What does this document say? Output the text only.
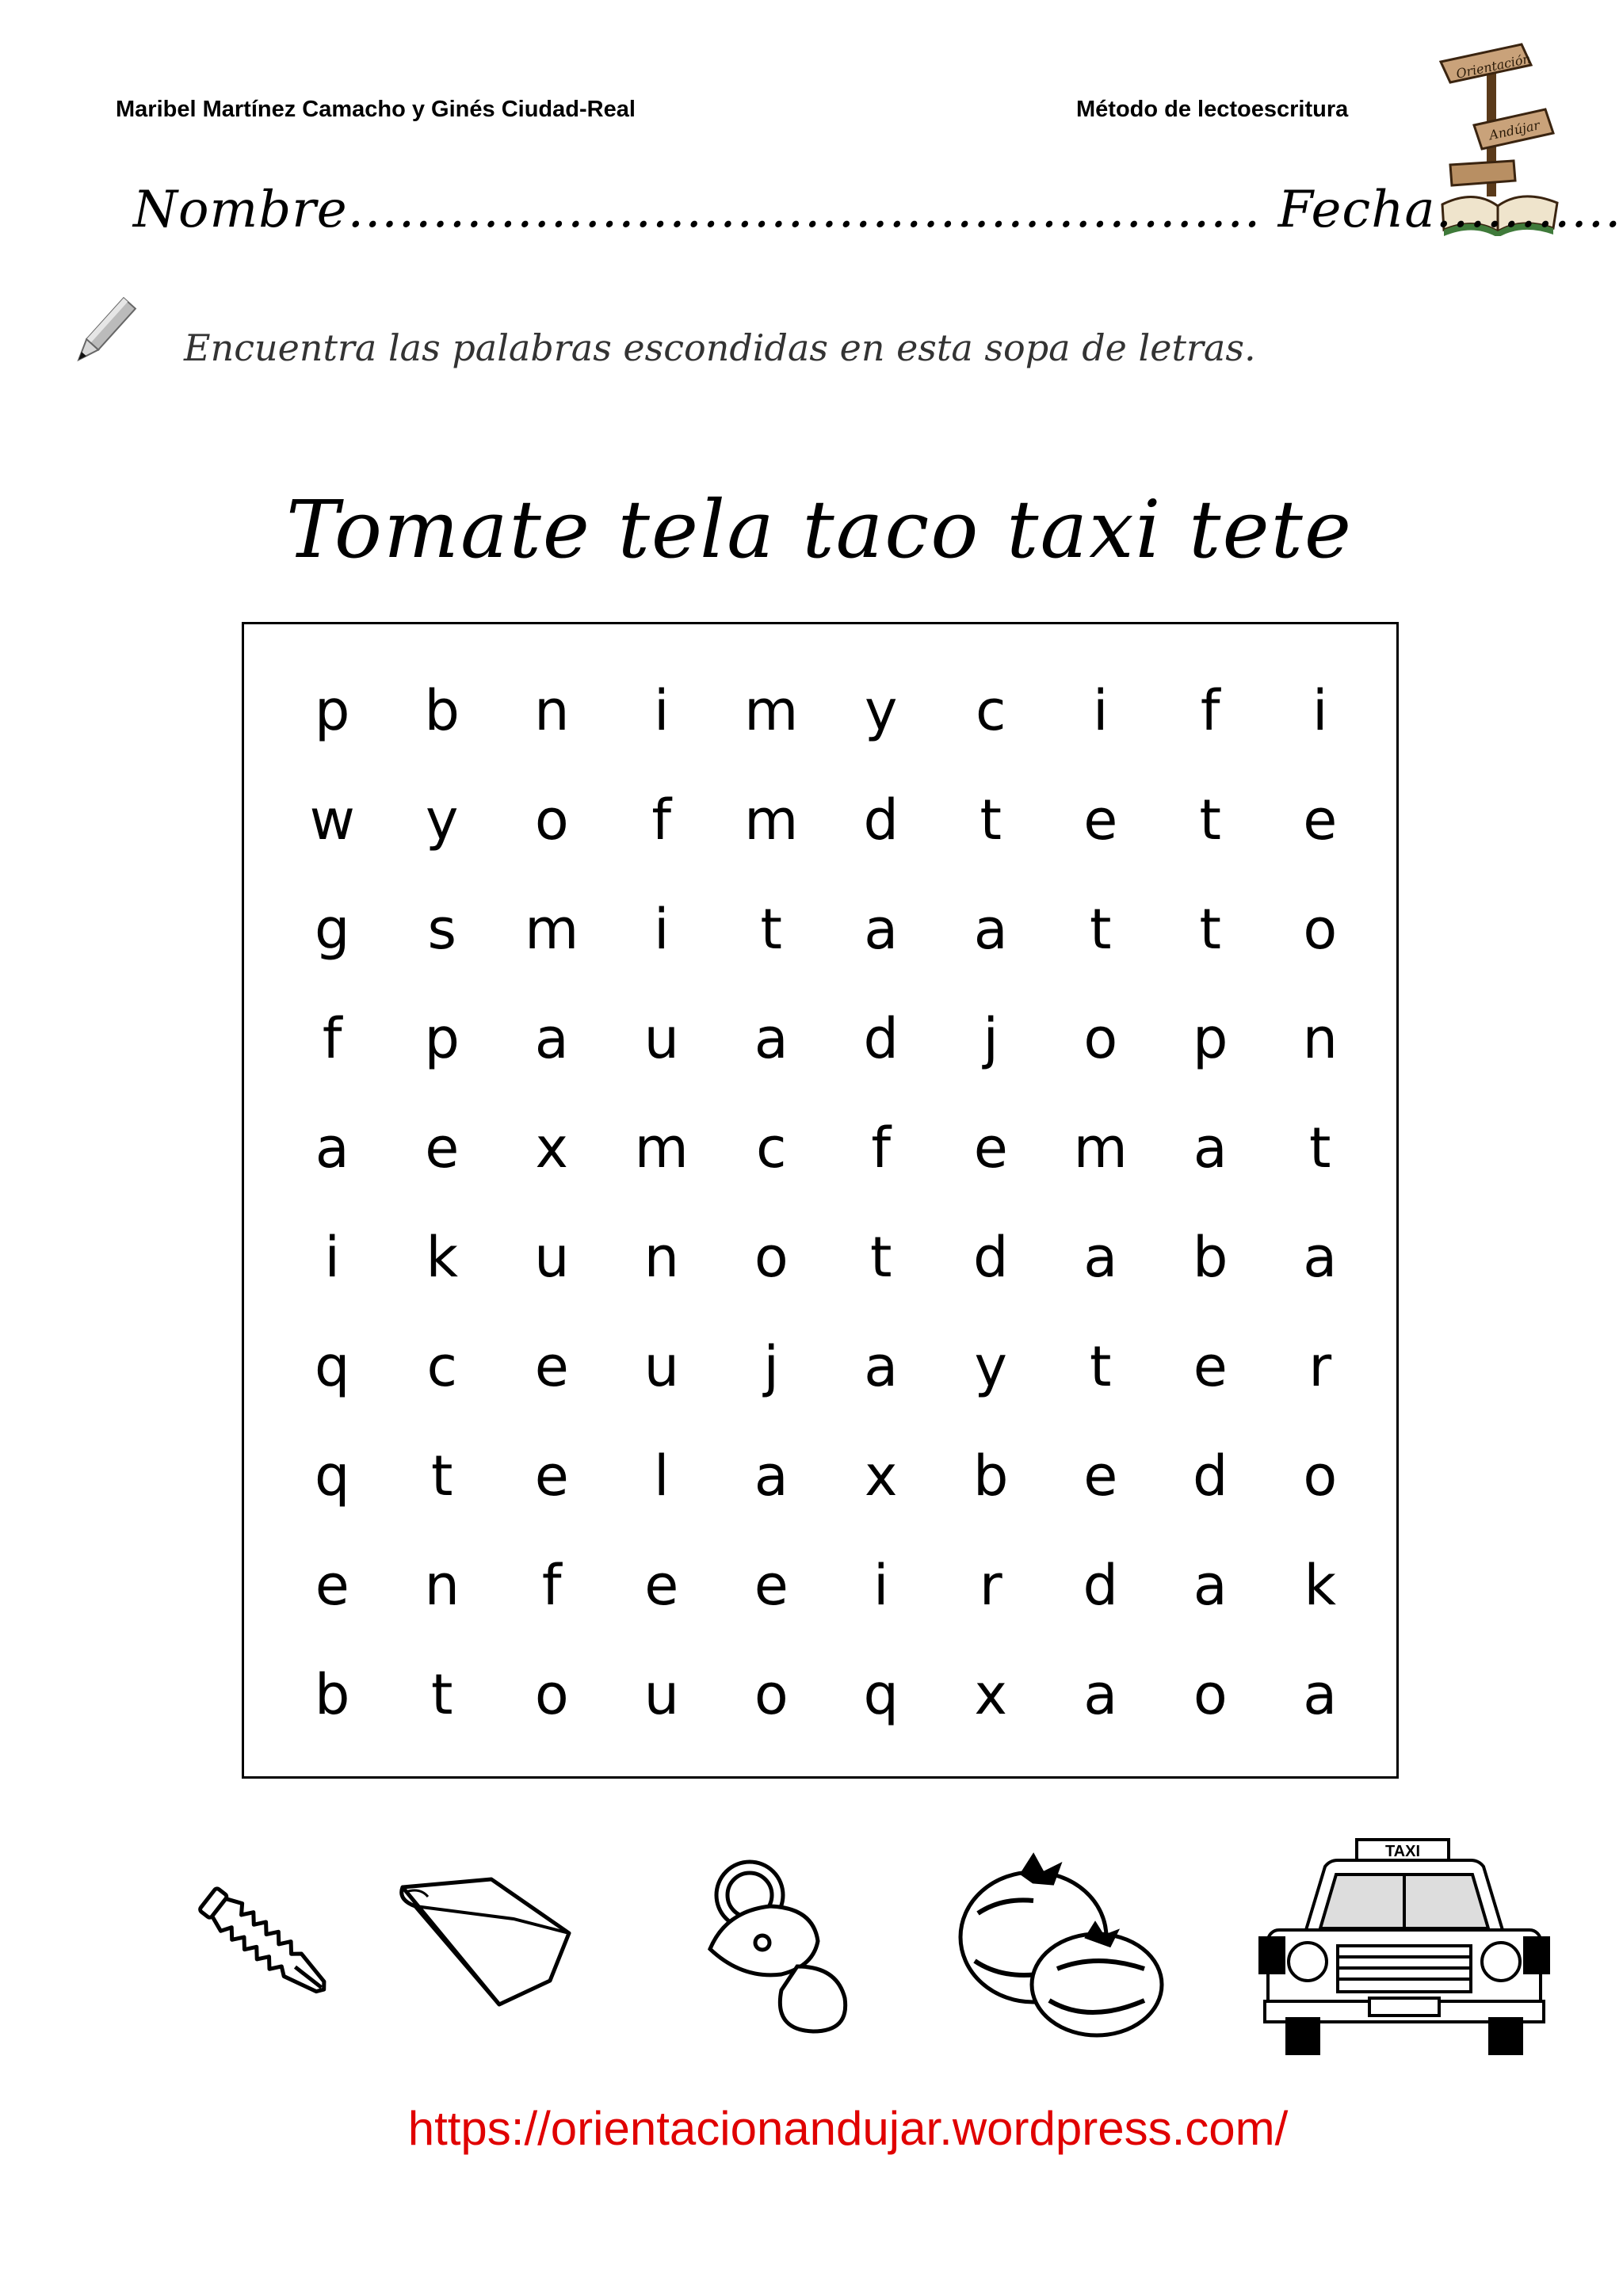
Maribel Martínez Camacho y Ginés Ciudad-Real	Método de lectoescritura
Orientación
Andújar
Nombre...................................................... Fecha...........
Encuentra las palabras escondidas en esta sopa de letras.
Tomate tela taco taxi tete
p	b	n	i	m	y	c	i	f	i
w	y	o	f	m	d	t	e	t	e
g	s	m	i	t	a	a	t	t	o
f	p	a	u	a	d	j	o	p	n
a	e	x	m	c	f	e	m	a	t
i	k	u	n	o	t	d	a	b	a
q	c	e	u	j	a	y	t	e	r
q	t	e	l	a	x	b	e	d	o
e	n	f	e	e	i	r	d	a	k
b	t	o	u	o	q	x	a	o	a
TAXI
https://orientacionandujar.wordpress.com/
